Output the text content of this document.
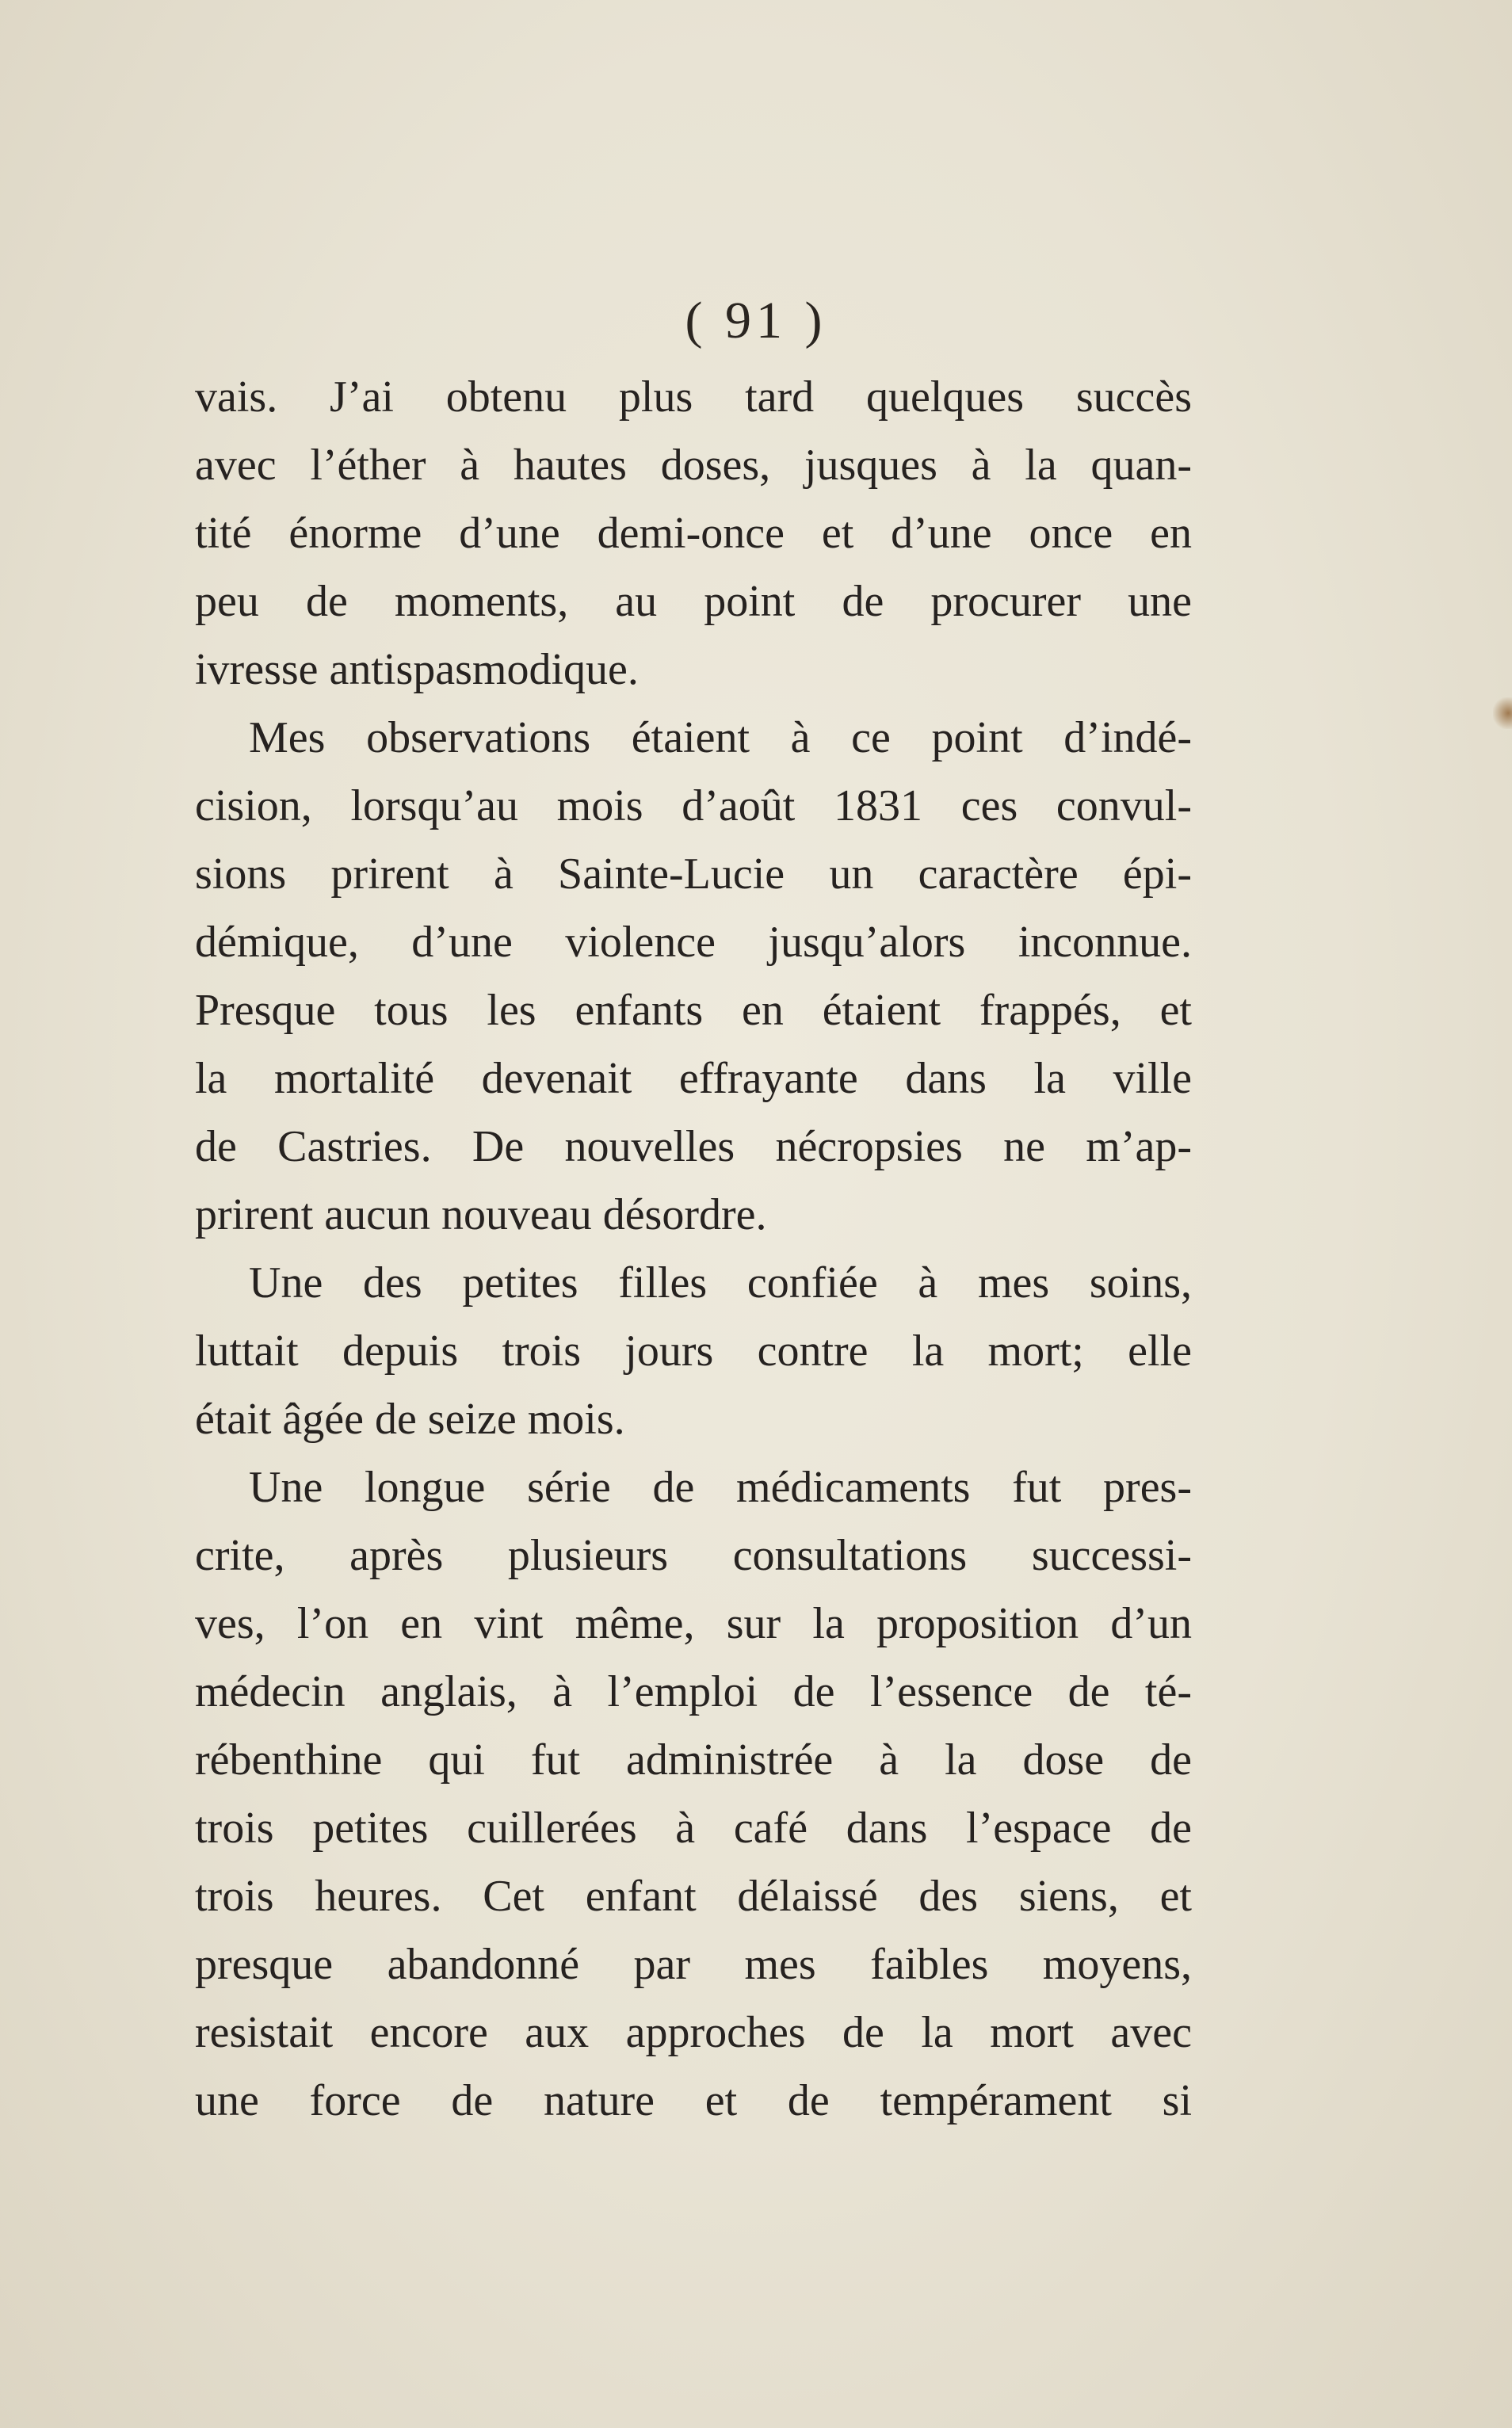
( 91 )
vais. J’ai obtenu plus tard quelques succès
avec l’éther à hautes doses, jusques à la quan-
tité énorme d’une demi-once et d’une once en
peu de moments, au point de procurer une
ivresse antispasmodique.
Mes observations étaient à ce point d’indé-
cision, lorsqu’au mois d’août 1831 ces convul-
sions prirent à Sainte-Lucie un caractère épi-
démique, d’une violence jusqu’alors inconnue.
Presque tous les enfants en étaient frappés, et
la mortalité devenait effrayante dans la ville
de Castries. De nouvelles nécropsies ne m’ap-
prirent aucun nouveau désordre.
Une des petites filles confiée à mes soins,
luttait depuis trois jours contre la mort; elle
était âgée de seize mois.
Une longue série de médicaments fut pres-
crite, après plusieurs consultations successi-
ves, l’on en vint même, sur la proposition d’un
médecin anglais, à l’emploi de l’essence de té-
rébenthine qui fut administrée à la dose de
trois petites cuillerées à café dans l’espace de
trois heures. Cet enfant délaissé des siens, et
presque abandonné par mes faibles moyens,
resistait encore aux approches de la mort avec
une force de nature et de tempérament si
